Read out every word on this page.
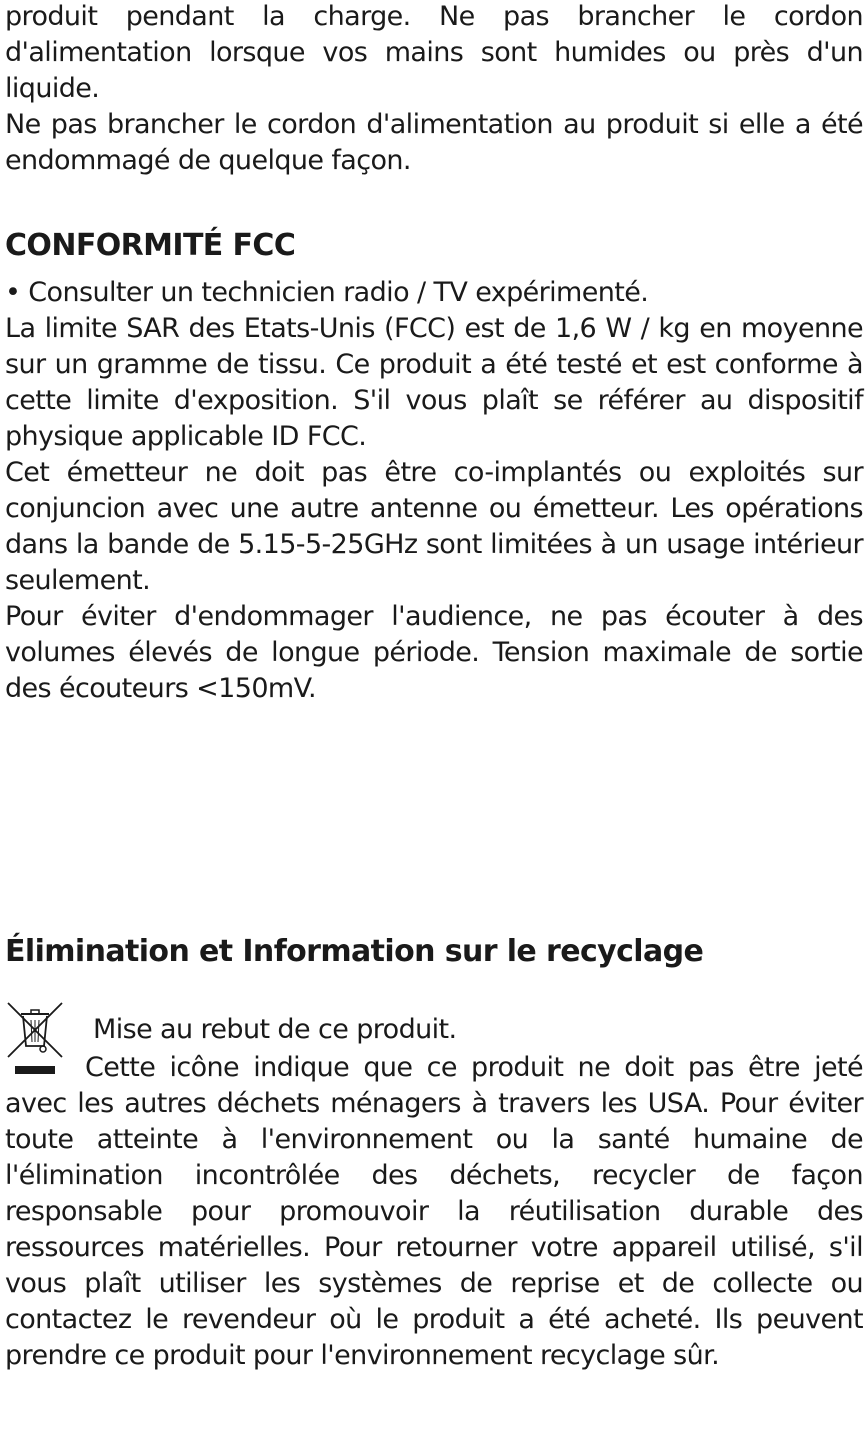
produit pendant la charge. Ne pas brancher le cordon d'alimentation lorsque vos mains sont humides ou près d'un liquide.

Ne pas brancher le cordon d'alimentation au produit si elle a été endommagé de quelque façon.

CONFORMITÉ FCC

• Consulter un technicien radio / TV expérimenté.

La limite SAR des Etats-Unis (FCC) est de 1,6 W / kg en moyenne sur un gramme de tissu. Ce produit a été testé et est conforme à cette limite d'exposition. S'il vous plaît se référer au dispositif physique applicable ID FCC.

Cet émetteur ne doit pas être co-implantés ou exploités sur conjuncion avec une autre antenne ou émetteur. Les opérations dans la bande de 5.15-5-25GHz sont limitées à un usage intérieur seulement.

Pour éviter d'endommager l'audience, ne pas écouter à des volumes élevés de longue période. Tension maximale de sortie des écouteurs <150mV.

Élimination et Information sur le recyclage

Mise au rebut de ce produit.

Cette icône indique que ce produit ne doit pas être jeté avec les autres déchets ménagers à travers les USA. Pour éviter toute atteinte à l'environnement ou la santé humaine de l'élimination incontrôlée des déchets, recycler de façon responsable pour promouvoir la réutilisation durable des ressources matérielles. Pour retourner votre appareil utilisé, s'il vous plaît utiliser les systèmes de reprise et de collecte ou contactez le revendeur où le produit a été acheté. Ils peuvent prendre ce produit pour l'environnement recyclage sûr.
